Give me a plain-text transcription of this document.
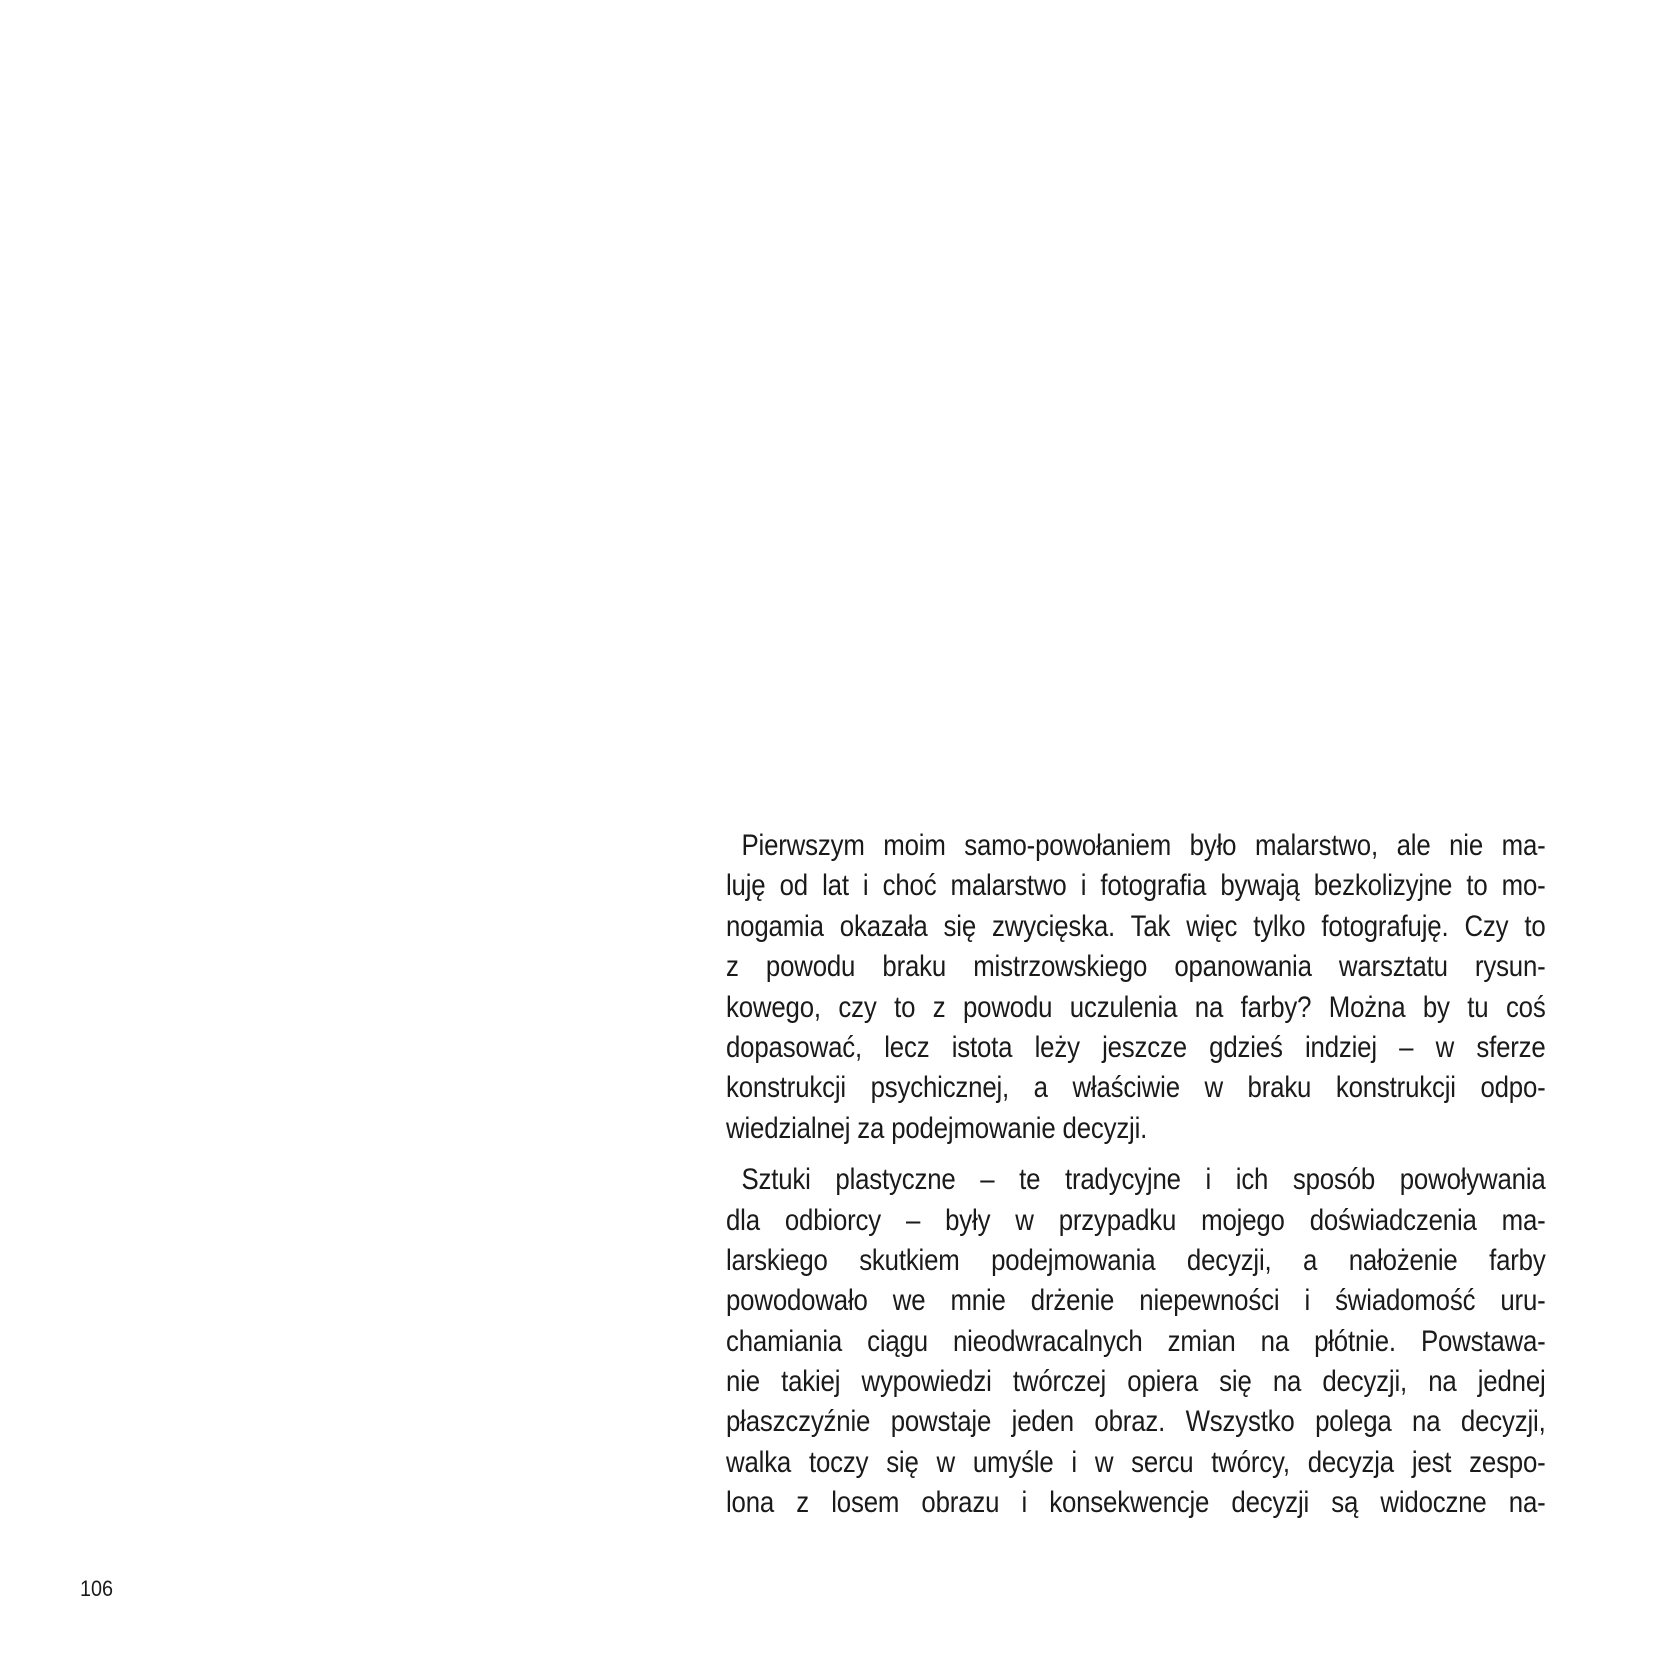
Pierwszym moim samo-powołaniem było malarstwo, ale nie ma-
luję od lat i choć malarstwo i fotografia bywają bezkolizyjne to mo-
nogamia okazała się zwycięska. Tak więc tylko fotografuję. Czy to
z powodu braku mistrzowskiego opanowania warsztatu rysun-
kowego, czy to z powodu uczulenia na farby? Można by tu coś
dopasować, lecz istota leży jeszcze gdzieś indziej – w sferze
konstrukcji psychicznej, a właściwie w braku konstrukcji odpo-
wiedzialnej za podejmowanie decyzji.

Sztuki plastyczne – te tradycyjne i ich sposób powoływania
dla odbiorcy – były w przypadku mojego doświadczenia ma-
larskiego skutkiem podejmowania decyzji, a nałożenie farby
powodowało we mnie drżenie niepewności i świadomość uru-
chamiania ciągu nieodwracalnych zmian na płótnie. Powstawa-
nie takiej wypowiedzi twórczej opiera się na decyzji, na jednej
płaszczyźnie powstaje jeden obraz. Wszystko polega na decyzji,
walka toczy się w umyśle i w sercu twórcy, decyzja jest zespo-
lona z losem obrazu i konsekwencje decyzji są widoczne na-

106
